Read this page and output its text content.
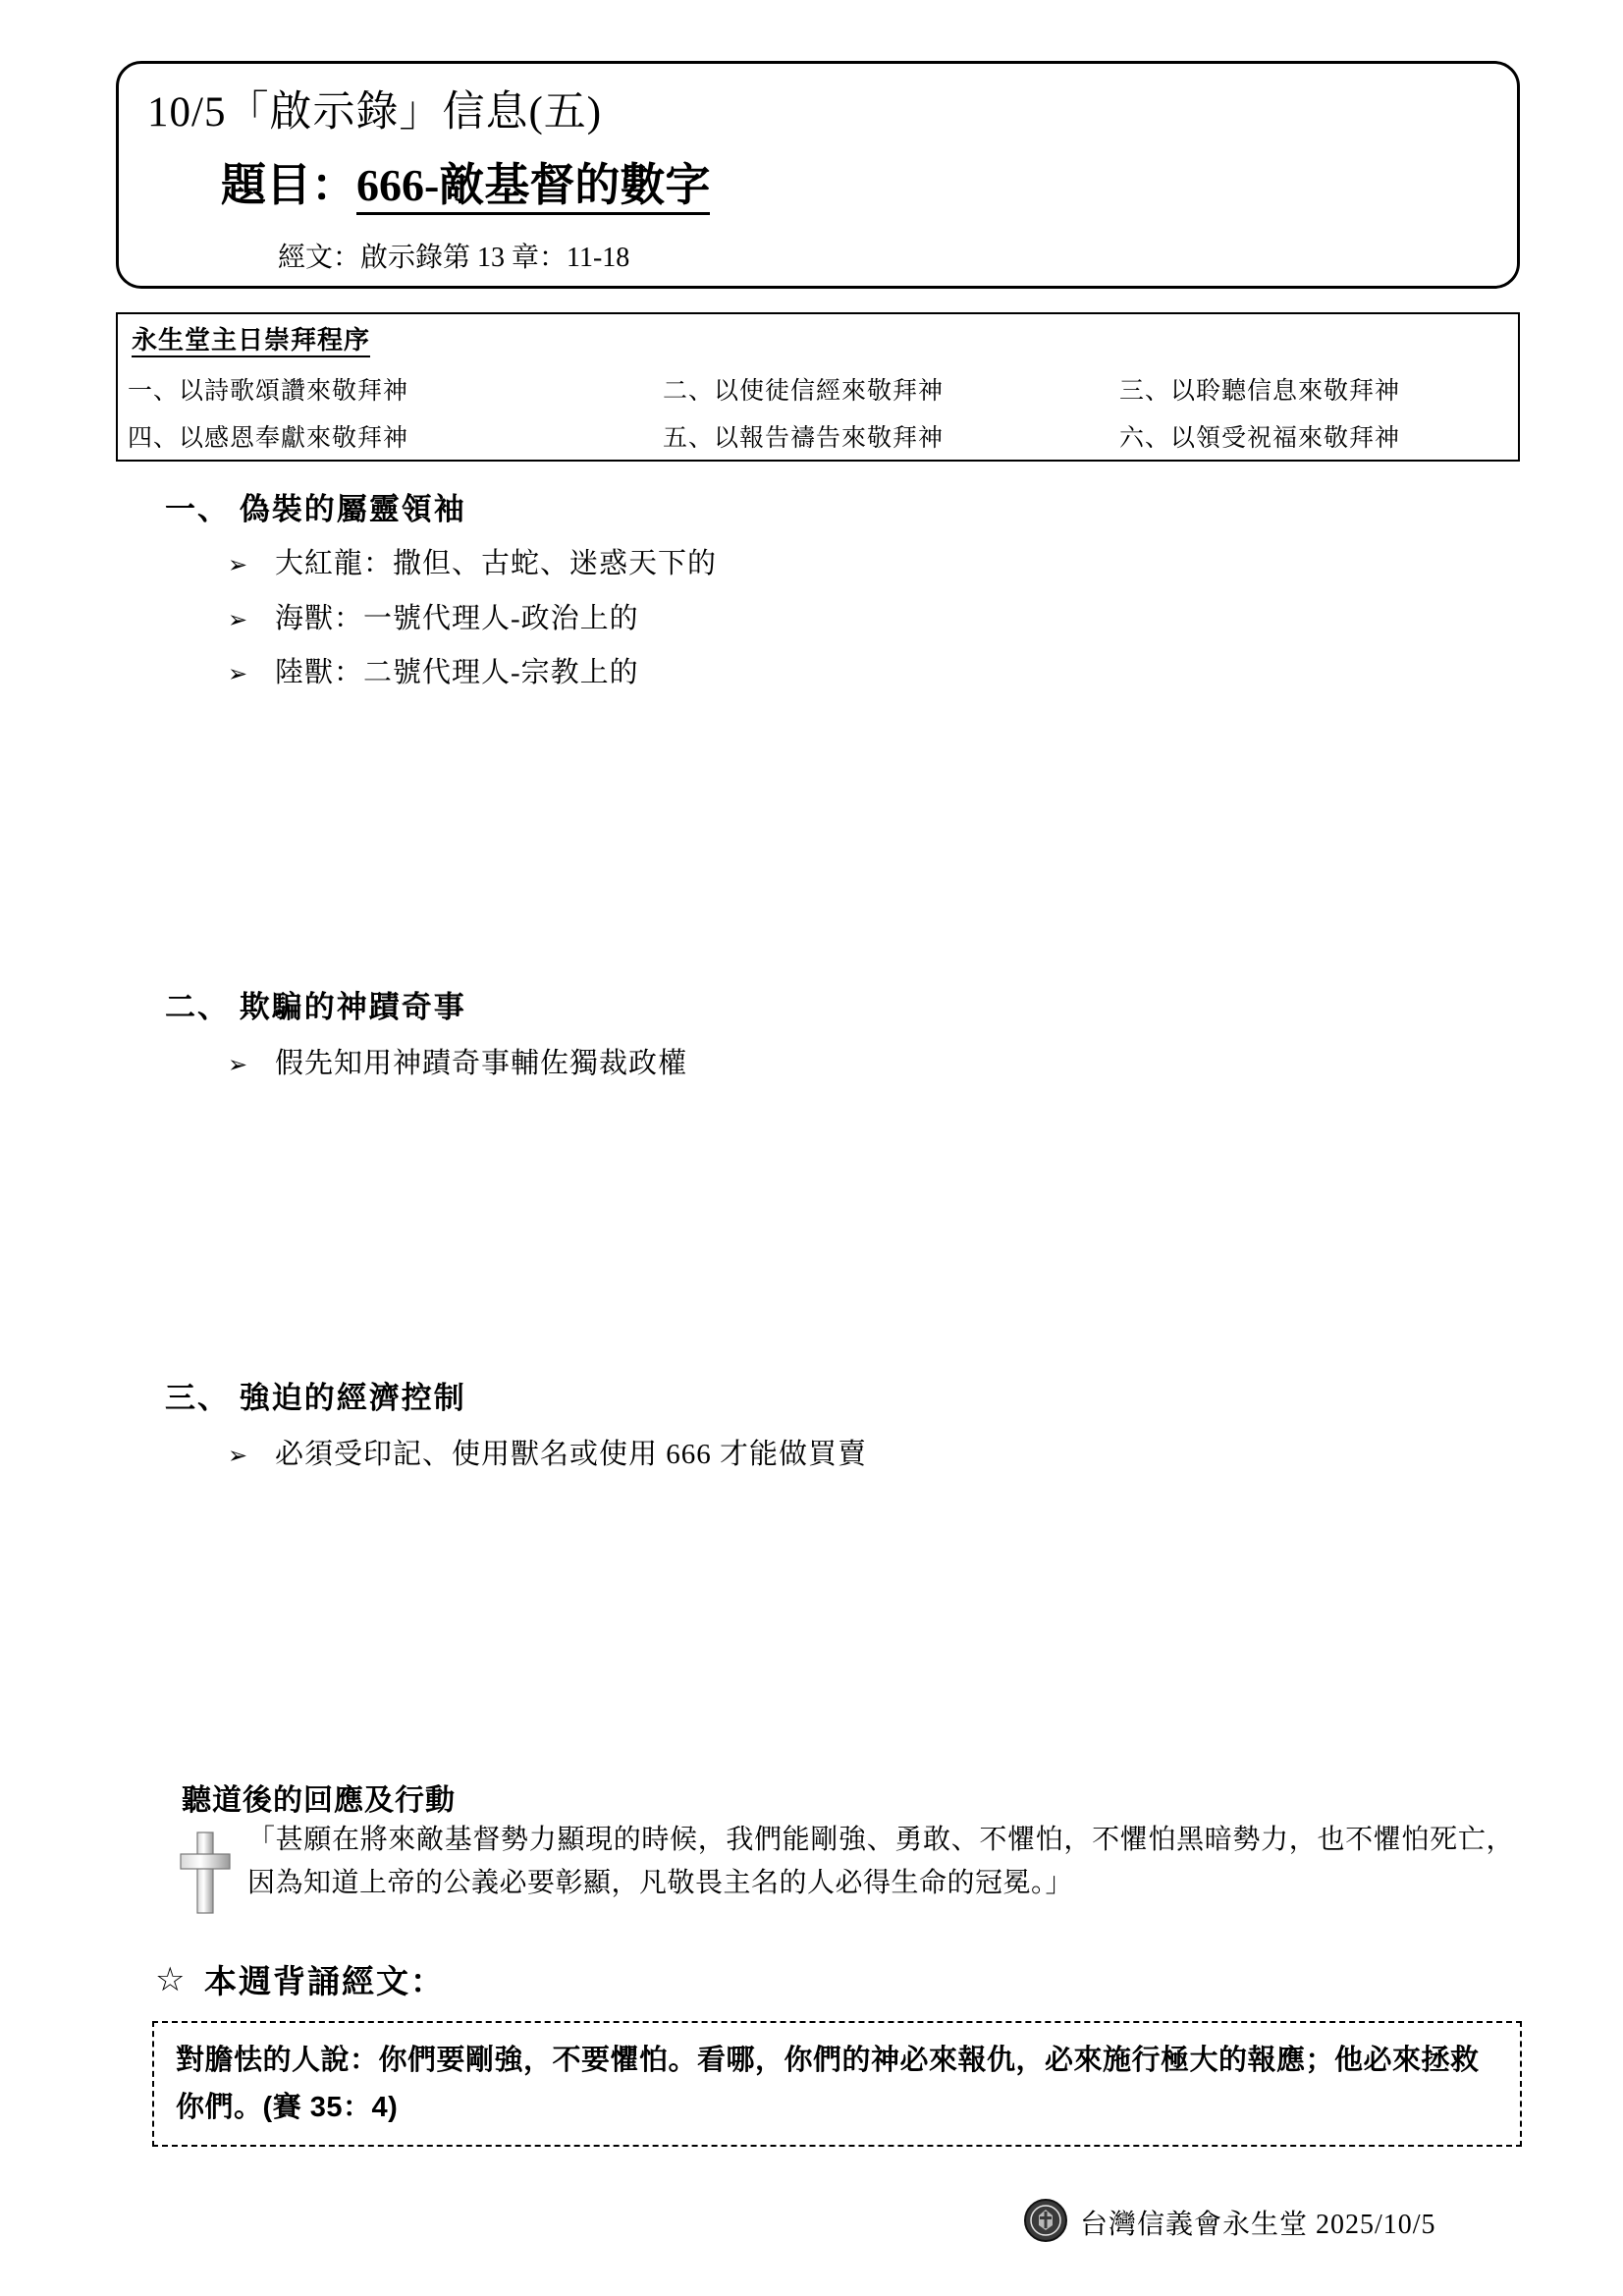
10/5「啟示錄」信息(五)
題目：666-敵基督的數字
經文：啟示錄第 13 章：11-18
永生堂主日崇拜程序
一、以詩歌頌讚來敬拜神	二、以使徒信經來敬拜神	三、以聆聽信息來敬拜神
四、以感恩奉獻來敬拜神	五、以報告禱告來敬拜神	六、以領受祝福來敬拜神
一、 偽裝的屬靈領袖
➢ 大紅龍：撒但、古蛇、迷惑天下的
➢ 海獸：一號代理人-政治上的
➢ 陸獸：二號代理人-宗教上的
二、 欺騙的神蹟奇事
➢ 假先知用神蹟奇事輔佐獨裁政權
三、 強迫的經濟控制
➢ 必須受印記、使用獸名或使用 666 才能做買賣
聽道後的回應及行動
「甚願在將來敵基督勢力顯現的時候，我們能剛強、勇敢、不懼怕，不懼怕黑暗勢力，也不懼怕死亡，因為知道上帝的公義必要彰顯，凡敬畏主名的人必得生命的冠冕。」
☆ 本週背誦經文：
對膽怯的人說：你們要剛強，不要懼怕。看哪，你們的神必來報仇，必來施行極大的報應；他必來拯救你們。(賽 35：4)
台灣信義會永生堂 2025/10/5
